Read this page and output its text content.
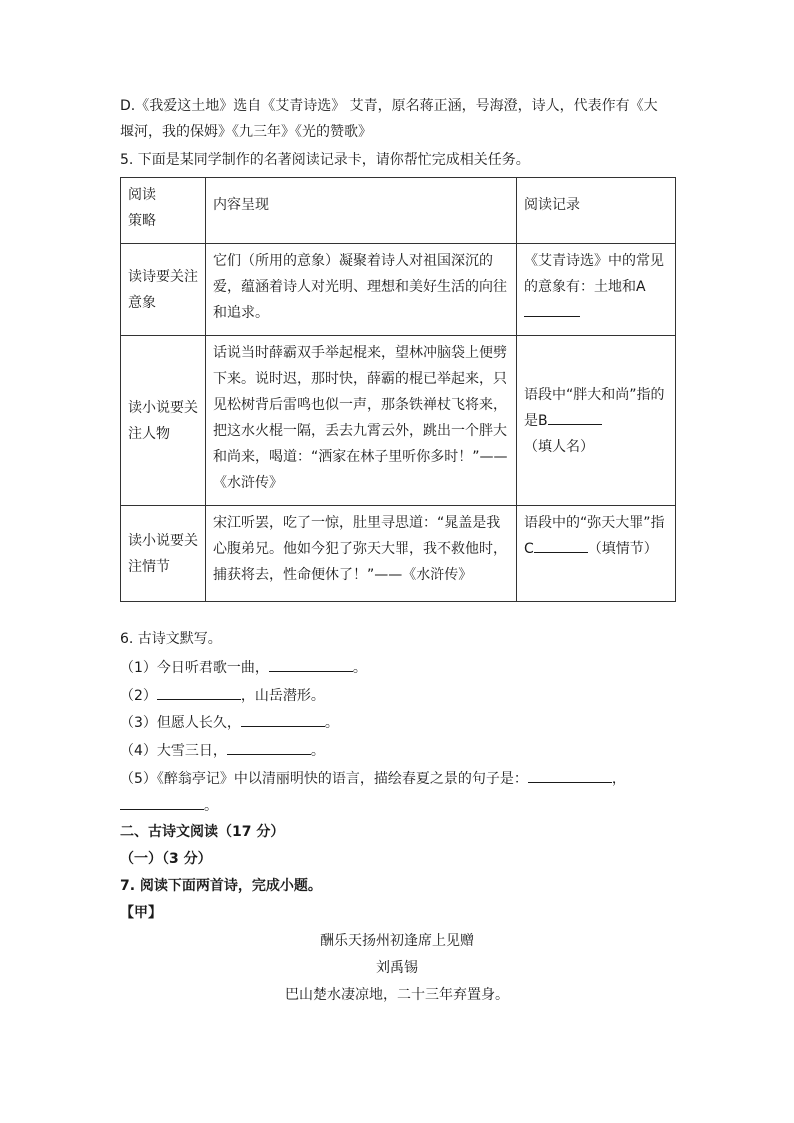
D.《我爱这土地》选自《艾青诗选》 艾青，原名蒋正涵，号海澄，诗人，代表作有《大
堰河，我的保姆》《九三年》《光的赞歌》
5. 下面是某同学制作的名著阅读记录卡，请你帮忙完成相关任务。
阅读
策略	内容呈现	阅读记录
读诗要关注意象	它们（所用的意象）凝聚着诗人对祖国深沉的爱，蕴涵着诗人对光明、理想和美好生活的向往和追求。	《艾青诗选》中的常见的意象有：土地和A
读小说要关注人物	话说当时薛霸双手举起棍来，望林冲脑袋上便劈下来。说时迟，那时快，薛霸的棍已举起来，只见松树背后雷鸣也似一声，那条铁禅杖飞将来，把这水火棍一隔，丢去九霄云外，跳出一个胖大和尚来，喝道：“洒家在林子里听你多时！”——《水浒传》	语段中“胖大和尚”指的是B（填人名）
读小说要关注情节	宋江听罢，吃了一惊，肚里寻思道：“晁盖是我心腹弟兄。他如今犯了弥天大罪，我不救他时，捕获将去，性命便休了！”——《水浒传》	语段中的“弥天大罪”指C （填情节）
6. 古诗文默写。
（1）今日听君歌一曲，	。
（2）	，山岳潜形。
（3）但愿人长久，	。
（4）大雪三日，	。
（5）《醉翁亭记》中以清丽明快的语言，描绘春夏之景的句子是：	，
。
二、古诗文阅读（17 分）
（一）（3 分）
7. 阅读下面两首诗，完成小题。
【甲】
酬乐天扬州初逢席上见赠
刘禹锡
巴山楚水凄凉地，二十三年弃置身。
